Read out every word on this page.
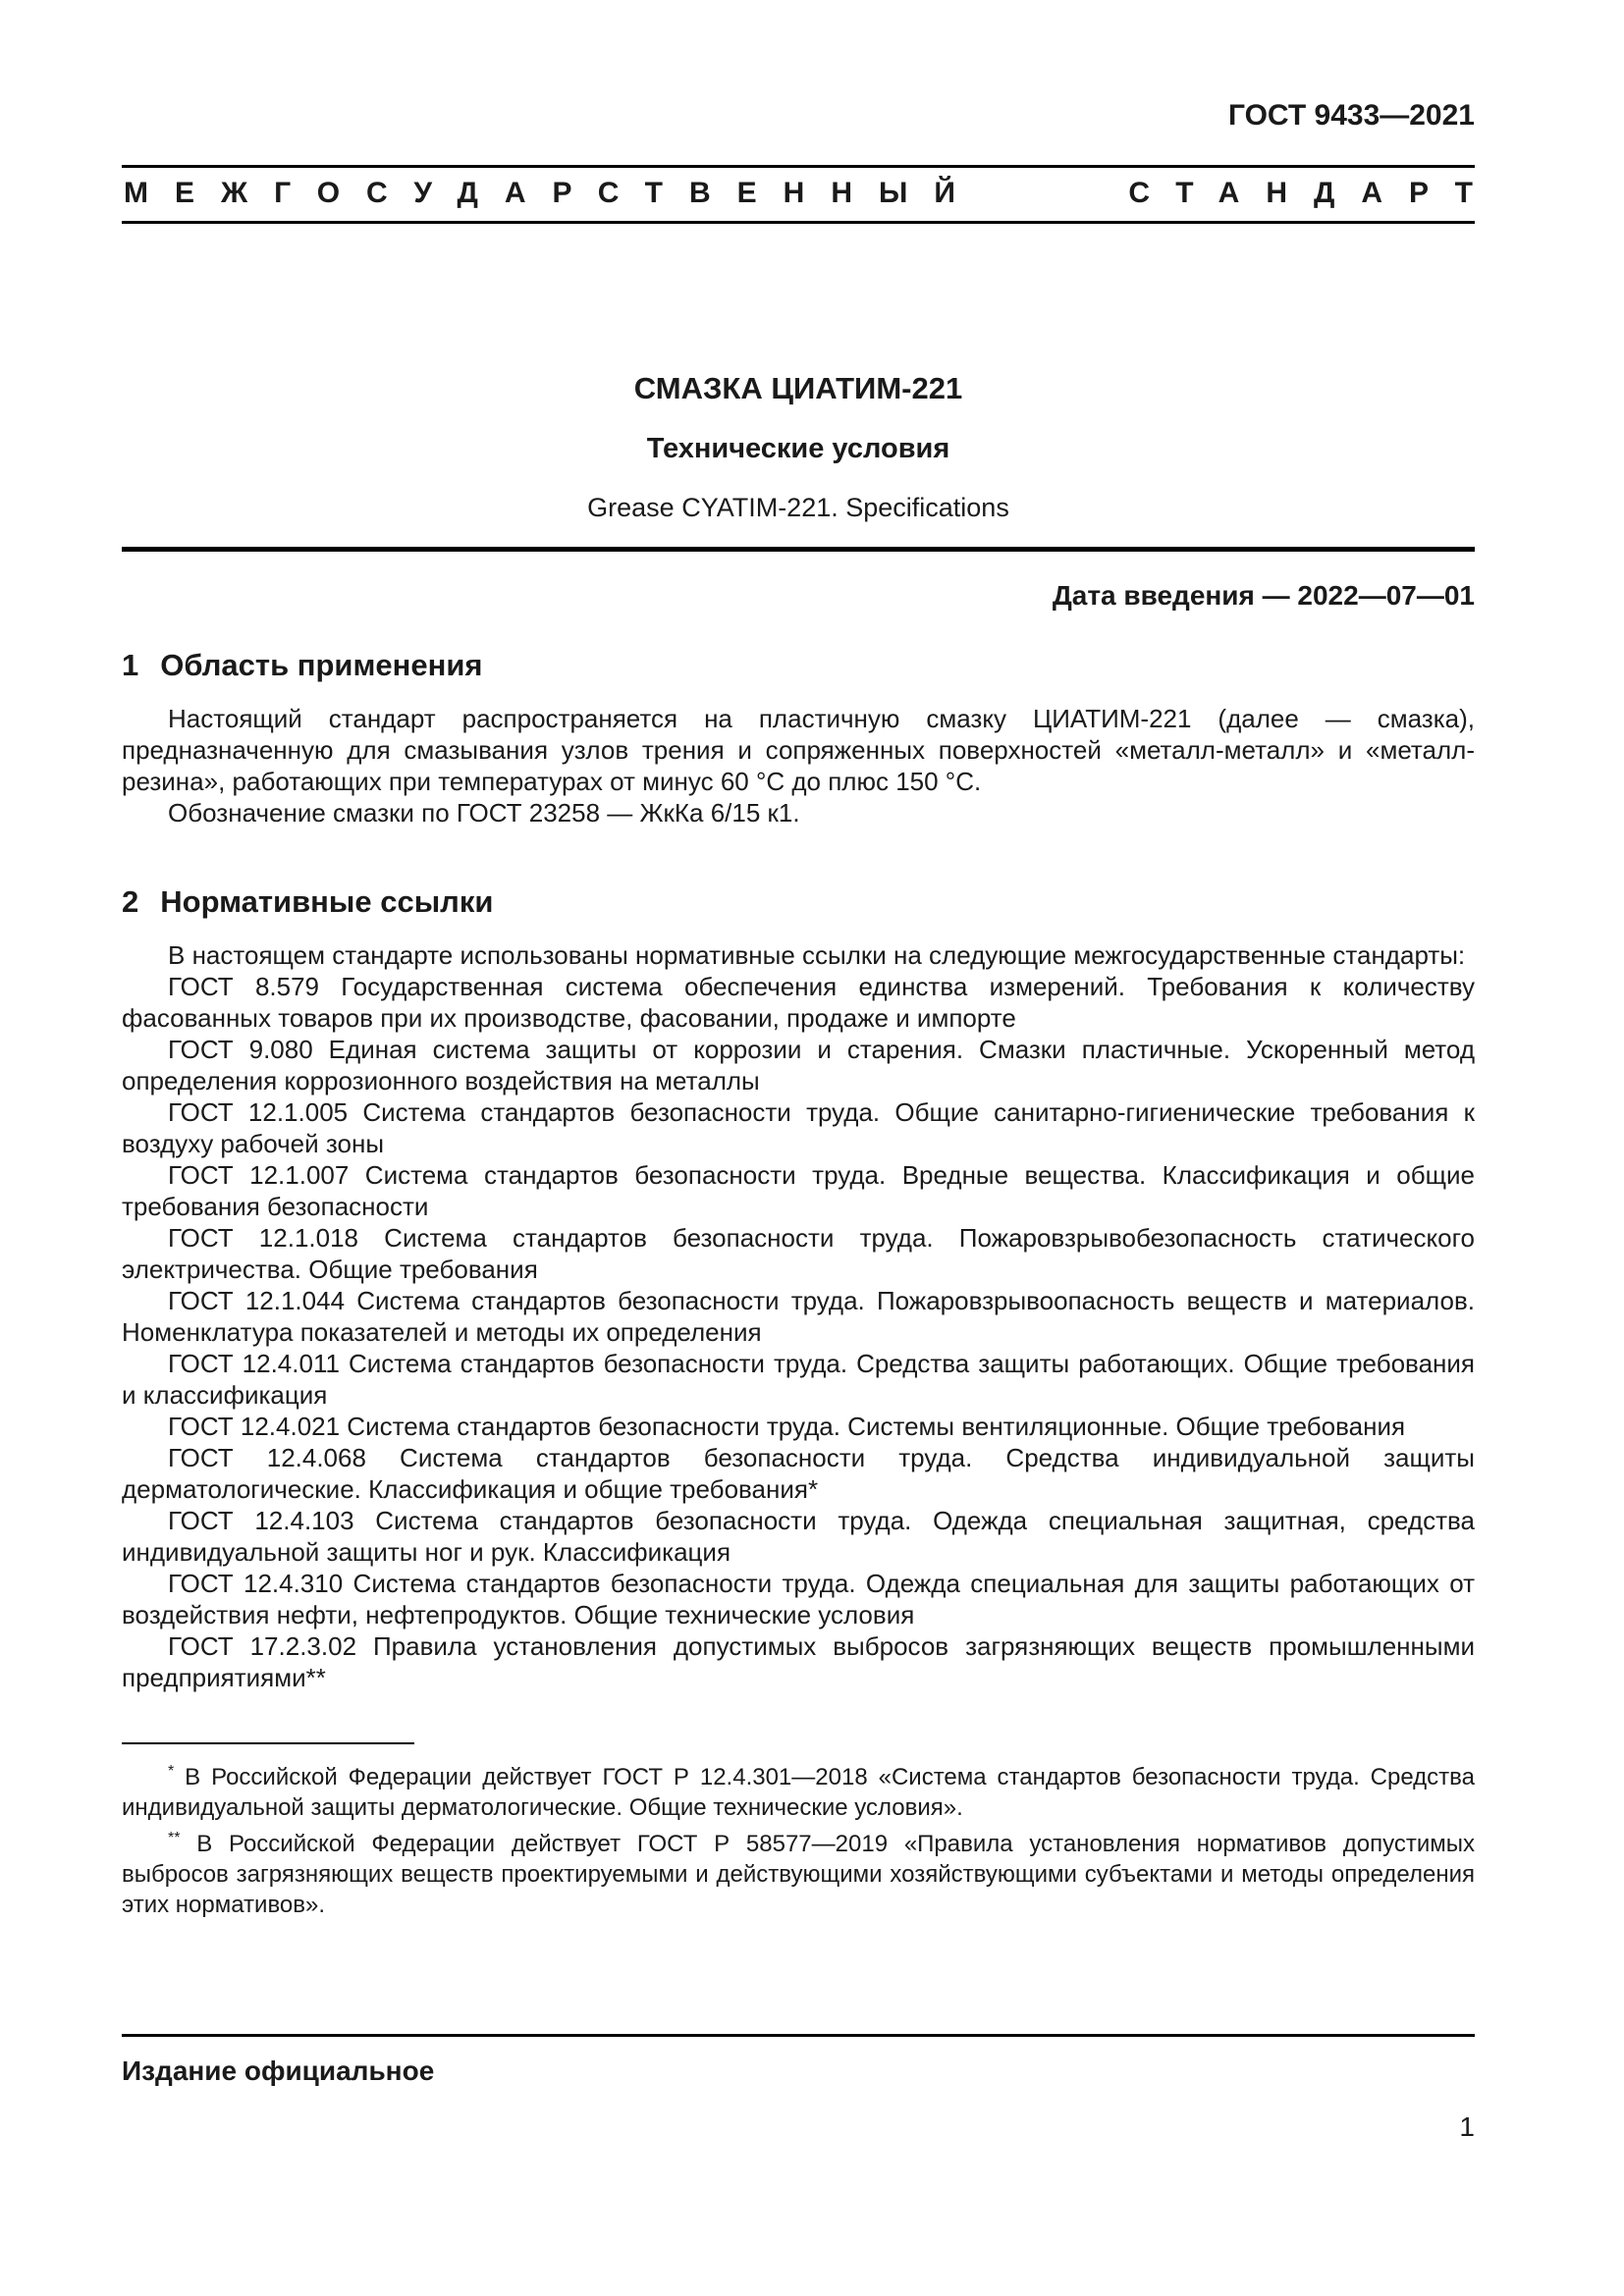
ГОСТ 9433—2021
МЕЖГОСУДАРСТВЕННЫЙ	СТАНДАРТ
СМАЗКА ЦИАТИМ-221
Технические условия
Grease CYATIM-221. Specifications
Дата введения — 2022—07—01
1 Область применения

Настоящий стандарт распространяется на пластичную смазку ЦИАТИМ-221 (далее — смазка), предназначенную для смазывания узлов трения и сопряженных поверхностей «металл-металл» и «металл-резина», работающих при температурах от минус 60 °С до плюс 150 °С.

Обозначение смазки по ГОСТ 23258 — ЖкКа 6/15 к1.

2 Нормативные ссылки

В настоящем стандарте использованы нормативные ссылки на следующие межгосударственные стандарты:

ГОСТ 8.579 Государственная система обеспечения единства измерений. Требования к количеству фасованных товаров при их производстве, фасовании, продаже и импорте

ГОСТ 9.080 Единая система защиты от коррозии и старения. Смазки пластичные. Ускоренный метод определения коррозионного воздействия на металлы

ГОСТ 12.1.005 Система стандартов безопасности труда. Общие санитарно-гигиенические требования к воздуху рабочей зоны

ГОСТ 12.1.007 Система стандартов безопасности труда. Вредные вещества. Классификация и общие требования безопасности

ГОСТ 12.1.018 Система стандартов безопасности труда. Пожаровзрывобезопасность статического электричества. Общие требования

ГОСТ 12.1.044 Система стандартов безопасности труда. Пожаровзрывоопасность веществ и материалов. Номенклатура показателей и методы их определения

ГОСТ 12.4.011 Система стандартов безопасности труда. Средства защиты работающих. Общие требования и классификация

ГОСТ 12.4.021 Система стандартов безопасности труда. Системы вентиляционные. Общие требования

ГОСТ 12.4.068 Система стандартов безопасности труда. Средства индивидуальной защиты дерматологические. Классификация и общие требования*

ГОСТ 12.4.103 Система стандартов безопасности труда. Одежда специальная защитная, средства индивидуальной защиты ног и рук. Классификация

ГОСТ 12.4.310 Система стандартов безопасности труда. Одежда специальная для защиты работающих от воздействия нефти, нефтепродуктов. Общие технические условия

ГОСТ 17.2.3.02 Правила установления допустимых выбросов загрязняющих веществ промышленными предприятиями**

* В Российской Федерации действует ГОСТ Р 12.4.301—2018 «Система стандартов безопасности труда. Средства индивидуальной защиты дерматологические. Общие технические условия».

** В Российской Федерации действует ГОСТ Р 58577—2019 «Правила установления нормативов допустимых выбросов загрязняющих веществ проектируемыми и действующими хозяйствующими субъектами и методы определения этих нормативов».

Издание официальное
1
